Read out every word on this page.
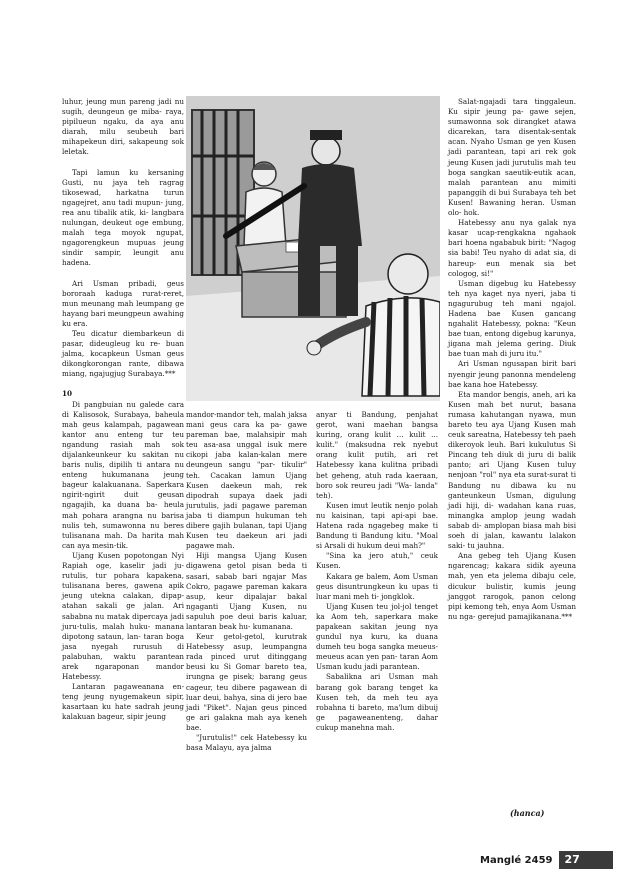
luhur, jeung mun pareng jadi nu sugih, deungeun ge miba- raya, pipilueun ngaku, da aya anu diarah, milu seubeuh bari mihapekeun diri, sakapeung sok leletak.

Tapi lamun ku kersaning Gusti, nu jaya teh ragrag tikosewad, harkatna turun ngagejret, anu tadi mupun- jung, rea anu tibalik atik, ki- langbara nulungan, deukeut oge embung, malah tega moyok ngupat, ngagorengkeun mupuas jeung sindir sampir, leungit anu hadena.

Ari Usman pribadi, geus bororaah kaduga rurat-reret, mun meunang mah leumpang ge hayang bari meungpeun awahing ku era.

Teu dicatur diembarkeun di pasar, dideugleug ku re- buan jalma, kocapkeun Usman geus dikongkorongan rante, dibawa miang, ngajugjug Surabaya.***

10

Di pangbuian nu galede cara di Kalisosok, Surabaya, baheula mah geus kalampah, pagawean kantor anu enteng tur teu ngandung rasiah mah sok dijalankeunkeur ku sakitan nu baris nulis, dipilih ti antara nu enteng hukumanana jeung bageur kalakuanana. Saperkara ngirit-ngirit duit geusan ngagajih, ka duana ba- heula mah pohara arangna nu barisa nulis teh, sumawonna nu beres tulisanana mah. Da harita mah can aya mesin-tik.

Ujang Kusen popotongan Nyi Rapiah oge, kaselir jadi ju- rutulis, tur pohara kapakena, tulisanana beres, gawena apik jeung utekna calakan, dipap- atahan sakali ge jalan. Ari sababna nu matak dipercaya jadi juru-tulis, malah huku- manana dipotong sataun, lan- taran boga jasa nyegah rurusuh di palabuhan, waktu parantean arek ngaraponan mandor Hatebessy.

Lantaran pagaweanana en- teng jeung nyugemakeun sipir, kasartaan ku hate sadrah jeung kalakuan bageur, sipir jeung

mandor-mandor teh, malah jaksa mani geus cara ka pa- gawe pareman bae, malahsipir mah teu asa-asa unggal isuk mere cikopi jaba kalan-kalan mere deungeun sangu "par- tikulir" teh. Cacakan lamun Ujang Kusen daekeun mah, rek dipodrah supaya daek jadi jurutulis, jadi pagawe pareman jaba ti diampun hukuman teh dibere gajih bulanan, tapi Ujang Kusen teu daekeun ari jadi pagawe mah.

Hiji mangsa Ujang Kusen digawena getol pisan beda ti sasari, sabab bari ngajar Mas Cokro, pagawe pareman kakara asup, keur dipalajar bakal ngaganti Ujang Kusen, nu sapuluh poe deui baris kaluar, lantaran beak hu- kumanana.

Keur getol-getol, kurutrak Hatebessy asup, leumpangna rada pinced urut ditinggang beusi ku Si Gomar bareto tea, irungna ge pisek; barang geus cageur, teu dibere pagawean di luar deui, bahya, sina di jero bae jadi "Piket". Najan geus pinced ge ari galakna mah aya keneh bae.

"Jurutulis!" cek Hatebessy ku basa Malayu, aya jalma

anyar ti Bandung, penjahat gerot, wani maehan bangsa kuring, orang kulit ... kulit ... kulit." (maksudna rek nyebut orang kulit putih, ari ret Hatebessy kana kulitna pribadi bet geheng, atuh rada kaeraan, boro sok reureu jadi "Wa- landa" teh).

Kusen imut leutik nenjo polah nu kaisinan, tapi api-api bae. Hatena rada ngagebeg make ti Bandung ti Bandung kitu. "Moal si Arsali di hukum deui mah?"

"Sina ka jero atuh," ceuk Kusen.

Kakara ge balem, Aom Usman geus disuntrungkeun ku upas ti luar mani meh ti- jongklok.

Ujang Kusen teu jol-jol tenget ka Aom teh, saperkara make papakean sakitan jeung nya gundul nya kuru, ka duana dumeh teu boga sangka meueus-meueus acan yen pan- taran Aom Usman kudu jadi parantean.

Sabalikna ari Usman mah barang gok barang tenget ka Kusen teh, da meh teu aya robahna ti bareto, ma'lum dibuij ge pagaweanenteng, dahar cukup manehna mah.

Salat-ngajadi tara tinggaleun. Ku sipir jeung pa- gawe sejen, sumawonna sok dirangket atawa dicarekan, tara disentak-sentak acan. Nyaho Usman ge yen Kusen jadi parantean, tapi ari rek gok jeung Kusen jadi jurutulis mah teu boga sangkan saeutik-eutik acan, malah parantean anu mimiti papanggih di bui Surabaya teh bet Kusen! Bawaning heran. Usman olo- hok.

Hatebessy anu nya galak nya kasar ucap-rengkakna ngahaok bari hoena ngababuk birit: "Nagog sia babi! Teu nyaho di adat sia, di hareup- eun menak sia bet cologog, si!"

Usman digebug ku Hatebessy teh nya kaget nya nyeri, jaba ti ngagurubug teh mani ngajol. Hadena bae Kusen gancang ngahalit Hatebessy, pokna: "Keun bae tuan, entong digebug karunya, jigana mah jelema gering. Diuk bae tuan mah di juru itu."

Ari Usman ngusapan birit bari nyengir jeung panonna mendeleng bae kana hoe Hatebessy.

Eta mandor bengis, aneh, ari ka Kusen mah bet nurut, basana rumasa kahutangan nyawa, mun bareto teu aya Ujang Kusen mah ceuk sareatna, Hatebessy teh paeh dikeroyok leuh. Bari kukulutus Si Pincang teh diuk di juru di balik panto; ari Ujang Kusen tuluy nenjoan "rol" nya eta surat-surat ti Bandung nu dibawa ku nu ganteunkeun Usman, digulung jadi hiji, di- wadahan kana ruas, minangka amplop jeung wadah sabab di- amplopan biasa mah bisi soeh di jalan, kawantu lalakon saki- tu jauhna.

Ana gebeg teh Ujang Kusen ngarencag; kakara sidik ayeuna mah, yen eta jelema dibaju cele, dicukur bulistir, kumis jeung janggot rarogok, panon celong pipi kemong teh, enya Aom Usman nu nga- gerejud pamajikanana.***

(hanca)
Manglé 2459	27
